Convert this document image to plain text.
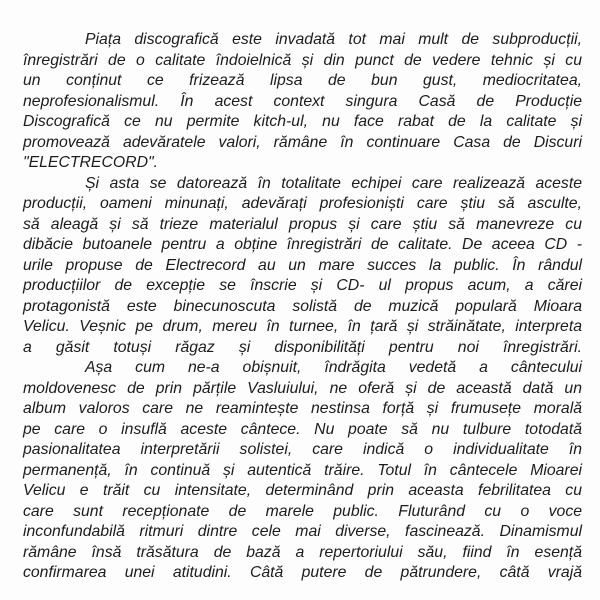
Piața discografică este invadată tot mai mult de subproducții,
înregistrări de o calitate îndoielnică și din punct de vedere tehnic și cu
un conținut ce frizează lipsa de bun gust, mediocritatea,
neprofesionalismul. În acest context singura Casă de Producție
Discografică ce nu permite kitch-ul, nu face rabat de la calitate și
promovează adevăratele valori, rămâne în continuare Casa de Discuri
"ELECTRECORD".
Și asta se datorează în totalitate echipei care realizează aceste
producții, oameni minunați, adevărați profesioniști care știu să asculte,
să aleagă și să trieze materialul propus și care știu să manevreze cu
dibăcie butoanele pentru a obține înregistrări de calitate. De aceea CD -
urile propuse de Electrecord au un mare succes la public. În rândul
producțiilor de excepție se înscrie și CD- ul propus acum, a cărei
protagonistă este binecunoscuta solistă de muzică populară Mioara
Velicu. Veșnic pe drum, mereu în turnee, în țară și străinătate, interpreta
a găsit totuși răgaz și disponibilități pentru noi înregistrări.
Așa cum ne-a obișnuit, îndrăgita vedetă a cântecului
moldovenesc de prin părțile Vasluiului, ne oferă și de această dată un
album valoros care ne reamintește nestinsa forță și frumusețe morală
pe care o insuflă aceste cântece. Nu poate să nu tulbure totodată
pasionalitatea interpretării solistei, care indică o individualitate în
permanență, în continuă și autentică trăire. Totul în cântecele Mioarei
Velicu e trăit cu intensitate, determinând prin aceasta febrilitatea cu
care sunt recepționate de marele public. Fluturând cu o voce
inconfundabilă ritmuri dintre cele mai diverse, fascinează. Dinamismul
rămâne însă trăsătura de bază a repertoriului său, fiind în esență
confirmarea unei atitudini. Câtă putere de pătrundere, câtă vrajă
